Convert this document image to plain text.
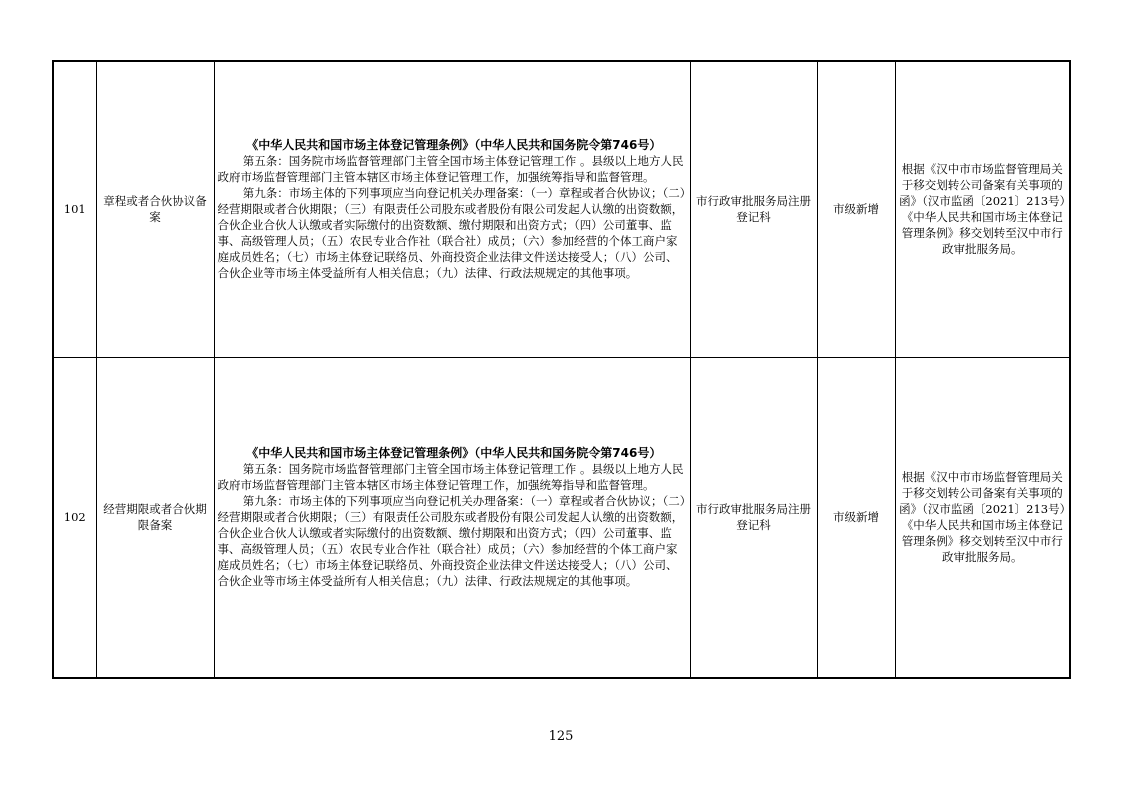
101	章程或者合伙协议备案	《中华人民共和国市场主体登记管理条例》（中华人民共和国务院令第746号）

第五条：国务院市场监督管理部门主管全国市场主体登记管理工作 。县级以上地方人民政府市场监督管理部门主管本辖区市场主体登记管理工作，加强统筹指导和监督管理。

第九条：市场主体的下列事项应当向登记机关办理备案：（一）章程或者合伙协议；（二）经营期限或者合伙期限；（三）有限责任公司股东或者股份有限公司发起人认缴的出资数额，合伙企业合伙人认缴或者实际缴付的出资数额、缴付期限和出资方式；（四）公司董事、监事、高级管理人员；（五）农民专业合作社（联合社）成员；（六）参加经营的个体工商户家庭成员姓名；（七）市场主体登记联络员、外商投资企业法律文件送达接受人；（八）公司、合伙企业等市场主体受益所有人相关信息；（九）法律、行政法规规定的其他事项。	市行政审批服务局注册登记科	市级新增	根据《汉中市市场监督管理局关于移交划转公司备案有关事项的函》（汉市监函〔2021〕213号）《中华人民共和国市场主体登记管理条例》移交划转至汉中市行政审批服务局。
102	经营期限或者合伙期限备案	《中华人民共和国市场主体登记管理条例》（中华人民共和国务院令第746号）

第五条：国务院市场监督管理部门主管全国市场主体登记管理工作 。县级以上地方人民政府市场监督管理部门主管本辖区市场主体登记管理工作，加强统筹指导和监督管理。

第九条：市场主体的下列事项应当向登记机关办理备案：（一）章程或者合伙协议；（二）经营期限或者合伙期限；（三）有限责任公司股东或者股份有限公司发起人认缴的出资数额，合伙企业合伙人认缴或者实际缴付的出资数额、缴付期限和出资方式；（四）公司董事、监事、高级管理人员；（五）农民专业合作社（联合社）成员；（六）参加经营的个体工商户家庭成员姓名；（七）市场主体登记联络员、外商投资企业法律文件送达接受人；（八）公司、合伙企业等市场主体受益所有人相关信息；（九）法律、行政法规规定的其他事项。	市行政审批服务局注册登记科	市级新增	根据《汉中市市场监督管理局关于移交划转公司备案有关事项的函》（汉市监函〔2021〕213号）《中华人民共和国市场主体登记管理条例》移交划转至汉中市行政审批服务局。
125
